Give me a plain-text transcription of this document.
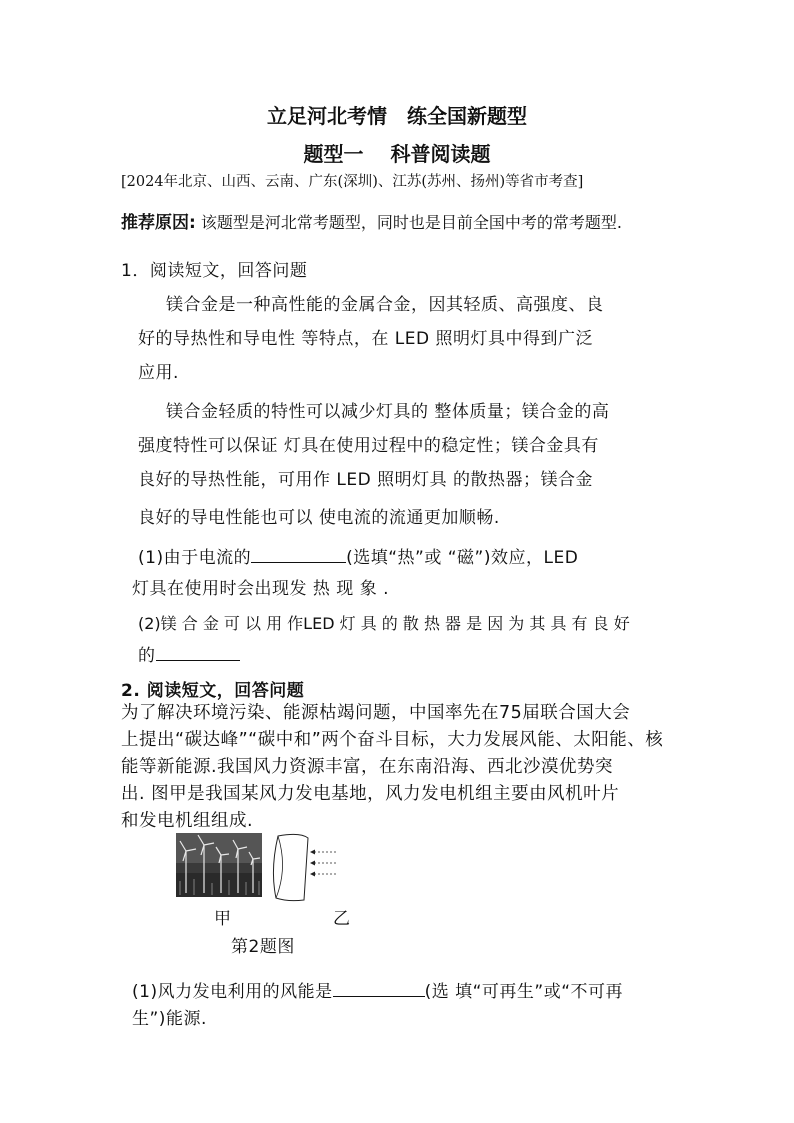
立足河北考情　练全国新题型
题型一　 科普阅读题
[2024年北京、山西、云南、广东(深圳)、江苏(苏州、扬州)等省市考查]
推荐原因: 该题型是河北常考题型，同时也是目前全国中考的常考题型.
1．阅读短文，回答问题
镁合金是一种高性能的金属合金，因其轻质、高强度、良
好的导热性和导电性 等特点，在 LED 照明灯具中得到广泛
应用.
镁合金轻质的特性可以减少灯具的 整体质量；镁合金的高
强度特性可以保证 灯具在使用过程中的稳定性；镁合金具有
良好的导热性能，可用作 LED 照明灯具 的散热器；镁合金
良好的导电性能也可以 使电流的流通更加顺畅.
(1)由于电流的	(选填“热”或 “磁”)效应，LED
灯具在使用时会出现发 热 现 象 .
(2)镁 合 金 可 以 用 作LED 灯 具 的 散 热 器 是 因 为 其 具 有 良 好
的
2. 阅读短文，回答问题
为了解决环境污染、能源枯竭问题，中国率先在75届联合国大会
上提出“碳达峰”“碳中和”两个奋斗目标，大力发展风能、太阳能、核
能等新能源.我国风力资源丰富，在东南沿海、西北沙漠优势突
出. 图甲是我国某风力发电基地，风力发电机组主要由风机叶片
和发电机组组成.
甲	乙
第2题图
(1)风力发电利用的风能是	(选 填“可再生”或“不可再
生”)能源.
